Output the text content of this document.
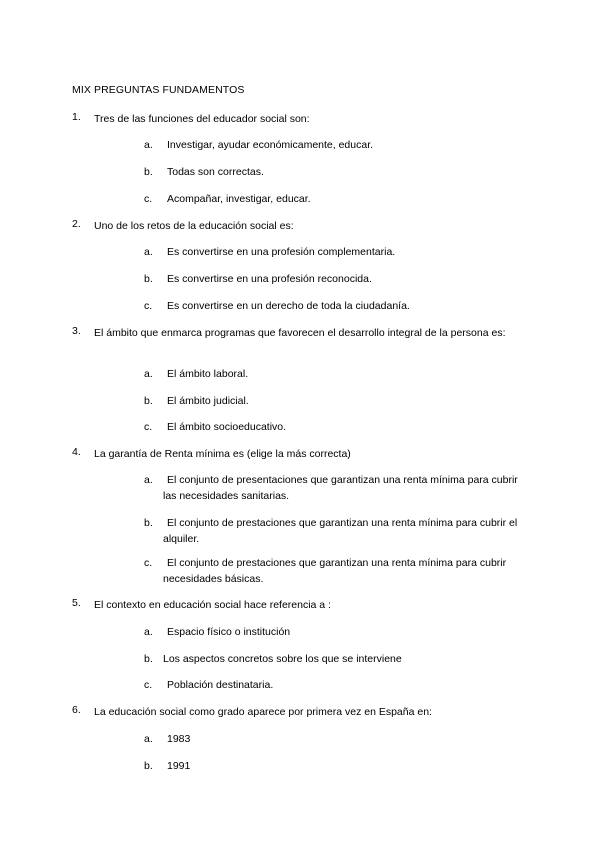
MIX PREGUNTAS FUNDAMENTOS
1. Tres de las funciones del educador social son:
a.	Investigar, ayudar económicamente, educar.
b.	Todas son correctas.
c.	Acompañar, investigar, educar.
2. Uno de los retos de la educación social es:
a.	Es convertirse en una profesión complementaria.
b.	Es convertirse en una profesión reconocida.
c.	Es convertirse en un derecho de toda la ciudadanía.
3.	El ámbito que enmarca programas que favorecen el desarrollo integral de la persona es:
a.	El ámbito laboral.
b.	El ámbito judicial.
c.	El ámbito socioeducativo.
4. La garantía de Renta mínima es (elige la más correcta)
a.	El conjunto de presentaciones que garantizan una renta mínima para cubrir las necesidades sanitarias.
b.	El conjunto de prestaciones que garantizan una renta mínima para cubrir el alquiler.
c.	El conjunto de prestaciones que garantizan una renta mínima para cubrir necesidades básicas.
5. El contexto en educación social hace referencia a :
a.	Espacio físico o institución
b. Los aspectos concretos sobre los que se interviene
c.	Población destinataria.
6. La educación social como grado aparece por primera vez en España en:
a.	1983
b.	1991
